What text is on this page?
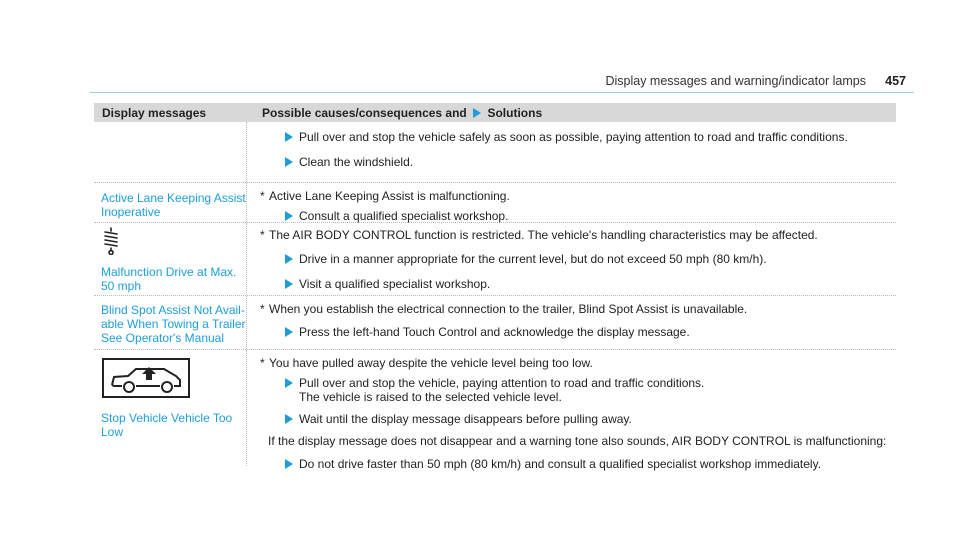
Display messages and warning/indicator lamps 457
Display messages	Possible causes/consequences and Solutions
Pull over and stop the vehicle safely as soon as possible, paying attention to road and traffic conditions.
Clean the windshield.
Active Lane Keeping Assist
Inoperative
* Active Lane Keeping Assist is malfunctioning.
Consult a qualified specialist workshop.
Malfunction Drive at Max.
50 mph
* The AIR BODY CONTROL function is restricted. The vehicle's handling characteristics may be affected.
Drive in a manner appropriate for the current level, but do not exceed 50 mph (80 km/h).
Visit a qualified specialist workshop.
Blind Spot Assist Not Avail-
able When Towing a Trailer
See Operator's Manual
* When you establish the electrical connection to the trailer, Blind Spot Assist is unavailable.
Press the left-hand Touch Control and acknowledge the display message.
Stop Vehicle Vehicle Too
Low
* You have pulled away despite the vehicle level being too low.
Pull over and stop the vehicle, paying attention to road and traffic conditions.
The vehicle is raised to the selected vehicle level.
Wait until the display message disappears before pulling away.
If the display message does not disappear and a warning tone also sounds, AIR BODY CONTROL is malfunctioning:
Do not drive faster than 50 mph (80 km/h) and consult a qualified specialist workshop immediately.
